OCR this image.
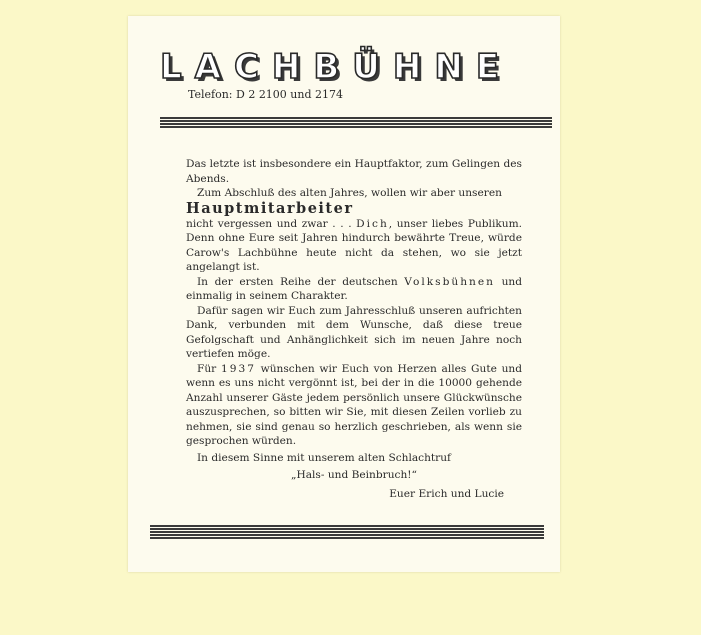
LACHBÜHNE
Telefon: D 2 2100 und 2174

Das letzte ist insbesondere ein Hauptfaktor, zum Gelingen des Abends.

Zum Abschluß des alten Jahres, wollen wir aber unseren

Hauptmitarbeiter

nicht vergessen und zwar . . . Dich, unser liebes Publikum. Denn ohne Eure seit Jahren hindurch bewährte Treue, würde Carow's Lachbühne heute nicht da stehen, wo sie jetzt angelangt ist.

In der ersten Reihe der deutschen Volksbühnen und einmalig in seinem Charakter.

Dafür sagen wir Euch zum Jahresschluß unseren aufrichten Dank, verbunden mit dem Wunsche, daß diese treue Gefolgschaft und Anhänglichkeit sich im neuen Jahre noch vertiefen möge.

Für 1937 wünschen wir Euch von Herzen alles Gute und wenn es uns nicht vergönnt ist, bei der in die 10000 gehende Anzahl unserer Gäste jedem persönlich unsere Glückwünsche auszusprechen, so bitten wir Sie, mit diesen Zeilen vorlieb zu nehmen, sie sind genau so herzlich geschrieben, als wenn sie gesprochen würden.

In diesem Sinne mit unserem alten Schlachtruf

„Hals- und Beinbruch!“

Euer Erich und Lucie
